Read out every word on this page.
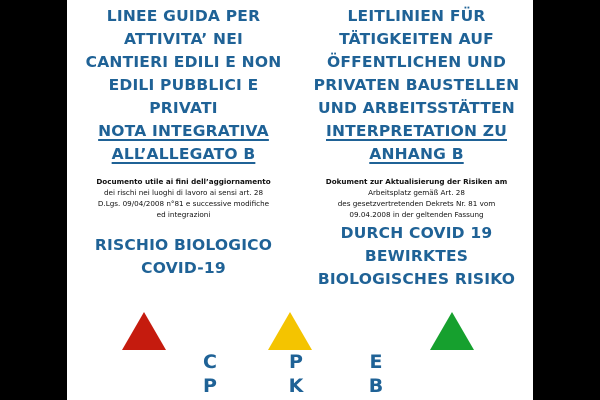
LINEE GUIDA PER

ATTIVITA’ NEI

CANTIERI EDILI E NON

EDILI PUBBLICI E

PRIVATI

NOTA INTEGRATIVA

ALL’ALLEGATO B

Documento utile ai fini dell’aggiornamento

dei rischi nei luoghi di lavoro ai sensi art. 28

D.Lgs. 09/04/2008 n°81 e successive modifiche

ed integrazioni

RISCHIO BIOLOGICO

COVID-19

LEITLINIEN FÜR

TÄTIGKEITEN AUF

ÖFFENTLICHEN UND

PRIVATEN BAUSTELLEN

UND ARBEITSSTÄTTEN

INTERPRETATION ZU

ANHANG B

Dokument zur Aktualisierung der Risiken am

Arbeitsplatz gemäß Art. 28

des gesetzvertretenden Dekrets Nr. 81 vom

09.04.2008 in der geltenden Fassung

DURCH COVID 19

BEWIRKTES

BIOLOGISCHES RISIKO

C
P
P
K
E
B
